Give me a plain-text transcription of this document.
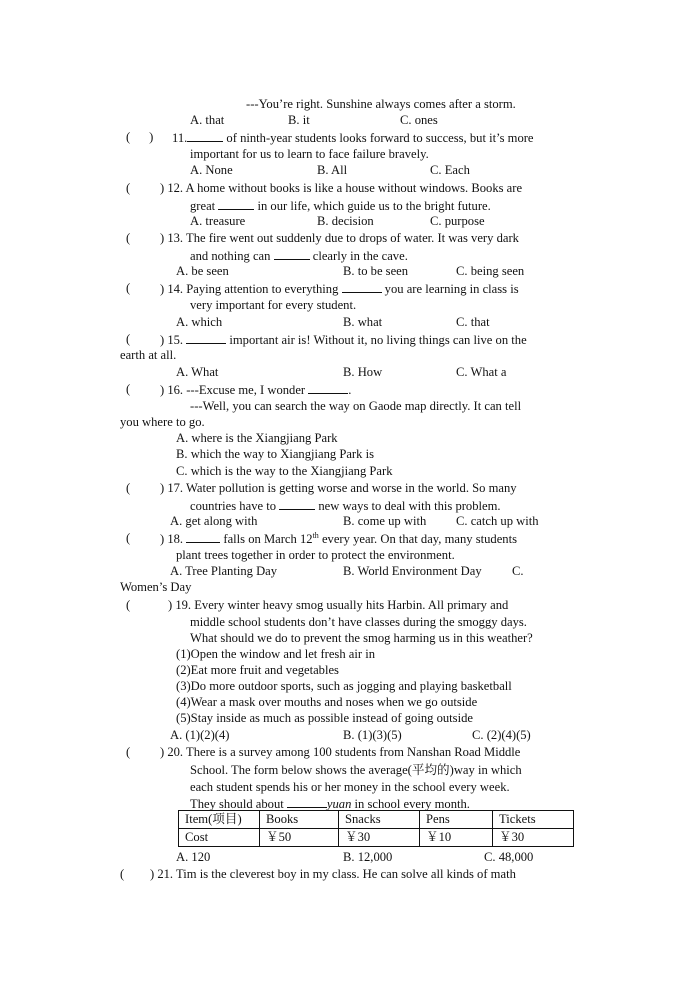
---You’re right. Sunshine always comes after a storm.
A. that	B. it	C. ones
(      ) 11.	of ninth-year students looks forward to success, but it’s more
important for us to learn to face failure bravely.
A. None	B. All	C. Each
( ) 12. A home without books is like a house without windows. Books are
great	in our life, which guide us to the bright future.
A. treasure	B. decision	C. purpose
( ) 13. The fire went out suddenly due to drops of water. It was very dark
and nothing can	clearly in the cave.
A. be seen	B. to be seen	C. being seen
( ) 14. Paying attention to everything	you are learning in class is
very important for every student.
A. which	B. what	C. that
( ) 15.	important air is! Without it, no living things can live on the
earth at all.
A. What	B. How	C. What a
( ) 16. ---Excuse me, I wonder	.
---Well, you can search the way on Gaode map directly. It can tell
you where to go.
A. where is the Xiangjiang Park
B. which the way to Xiangjiang Park is
C. which is the way to the Xiangjiang Park
( ) 17. Water pollution is getting worse and worse in the world. So many
countries have to	new ways to deal with this problem.
A. get along with	B. come up with C. catch up with
( ) 18.	falls on March 12th every year. On that day, many students
plant trees together in order to protect the environment.
A. Tree Planting Day	B. World Environment Day C.
Women’s Day
(	) 19. Every winter heavy smog usually hits Harbin. All primary and
middle school students don’t have classes during the smoggy days.
What should we do to prevent the smog harming us in this weather?
(1)Open the window and let fresh air in
(2)Eat more fruit and vegetables
(3)Do more outdoor sports, such as jogging and playing basketball
(4)Wear a mask over mouths and noses when we go outside
(5)Stay inside as much as possible instead of going outside
A. (1)(2)(4)	B. (1)(3)(5)	C. (2)(4)(5)
( ) 20. There is a survey among 100 students from Nanshan Road Middle
School. The form below shows the average(平均的)way in which
each student spends his or her money in the school every week.
They should about	yuan in school every month.
Item(项目)	Books	Snacks	Pens	Tickets
Cost	￥50	￥30	￥10	￥30
A. 120	B. 12,000	C. 48,000
( ) 21. Tim is the cleverest boy in my class. He can solve all kinds of math
